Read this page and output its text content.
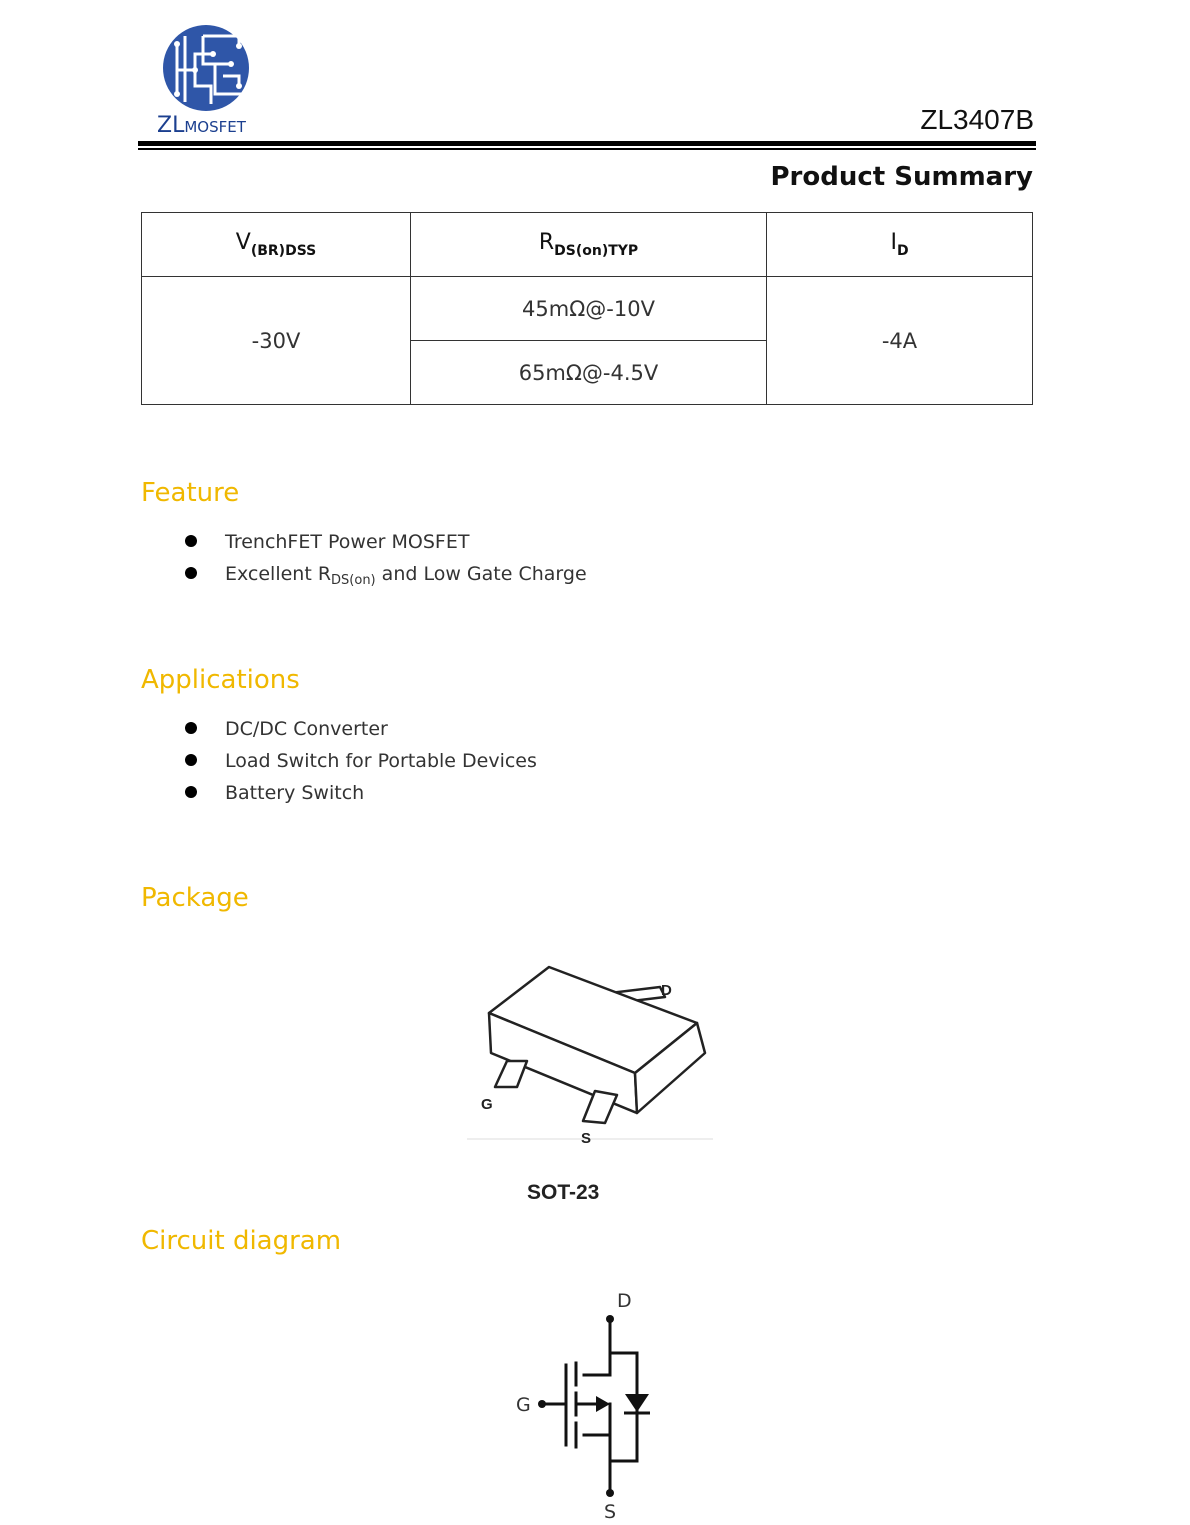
ZLMOSFET	ZL3407B
Product Summary
$V_{(BR)DSS}$	$R_{DS(on)TYP}$	$I_D$
-30V	45mΩ@-10V	-4A
	65mΩ@-4.5V	
Feature
TrenchFET Power MOSFET
Excellent $R_{DS(on)}$ and Low Gate Charge
Applications
DC/DC Converter
Load Switch for Portable Devices
Battery Switch
Package
D
G
S
SOT-23
Circuit diagram
D
G
S
